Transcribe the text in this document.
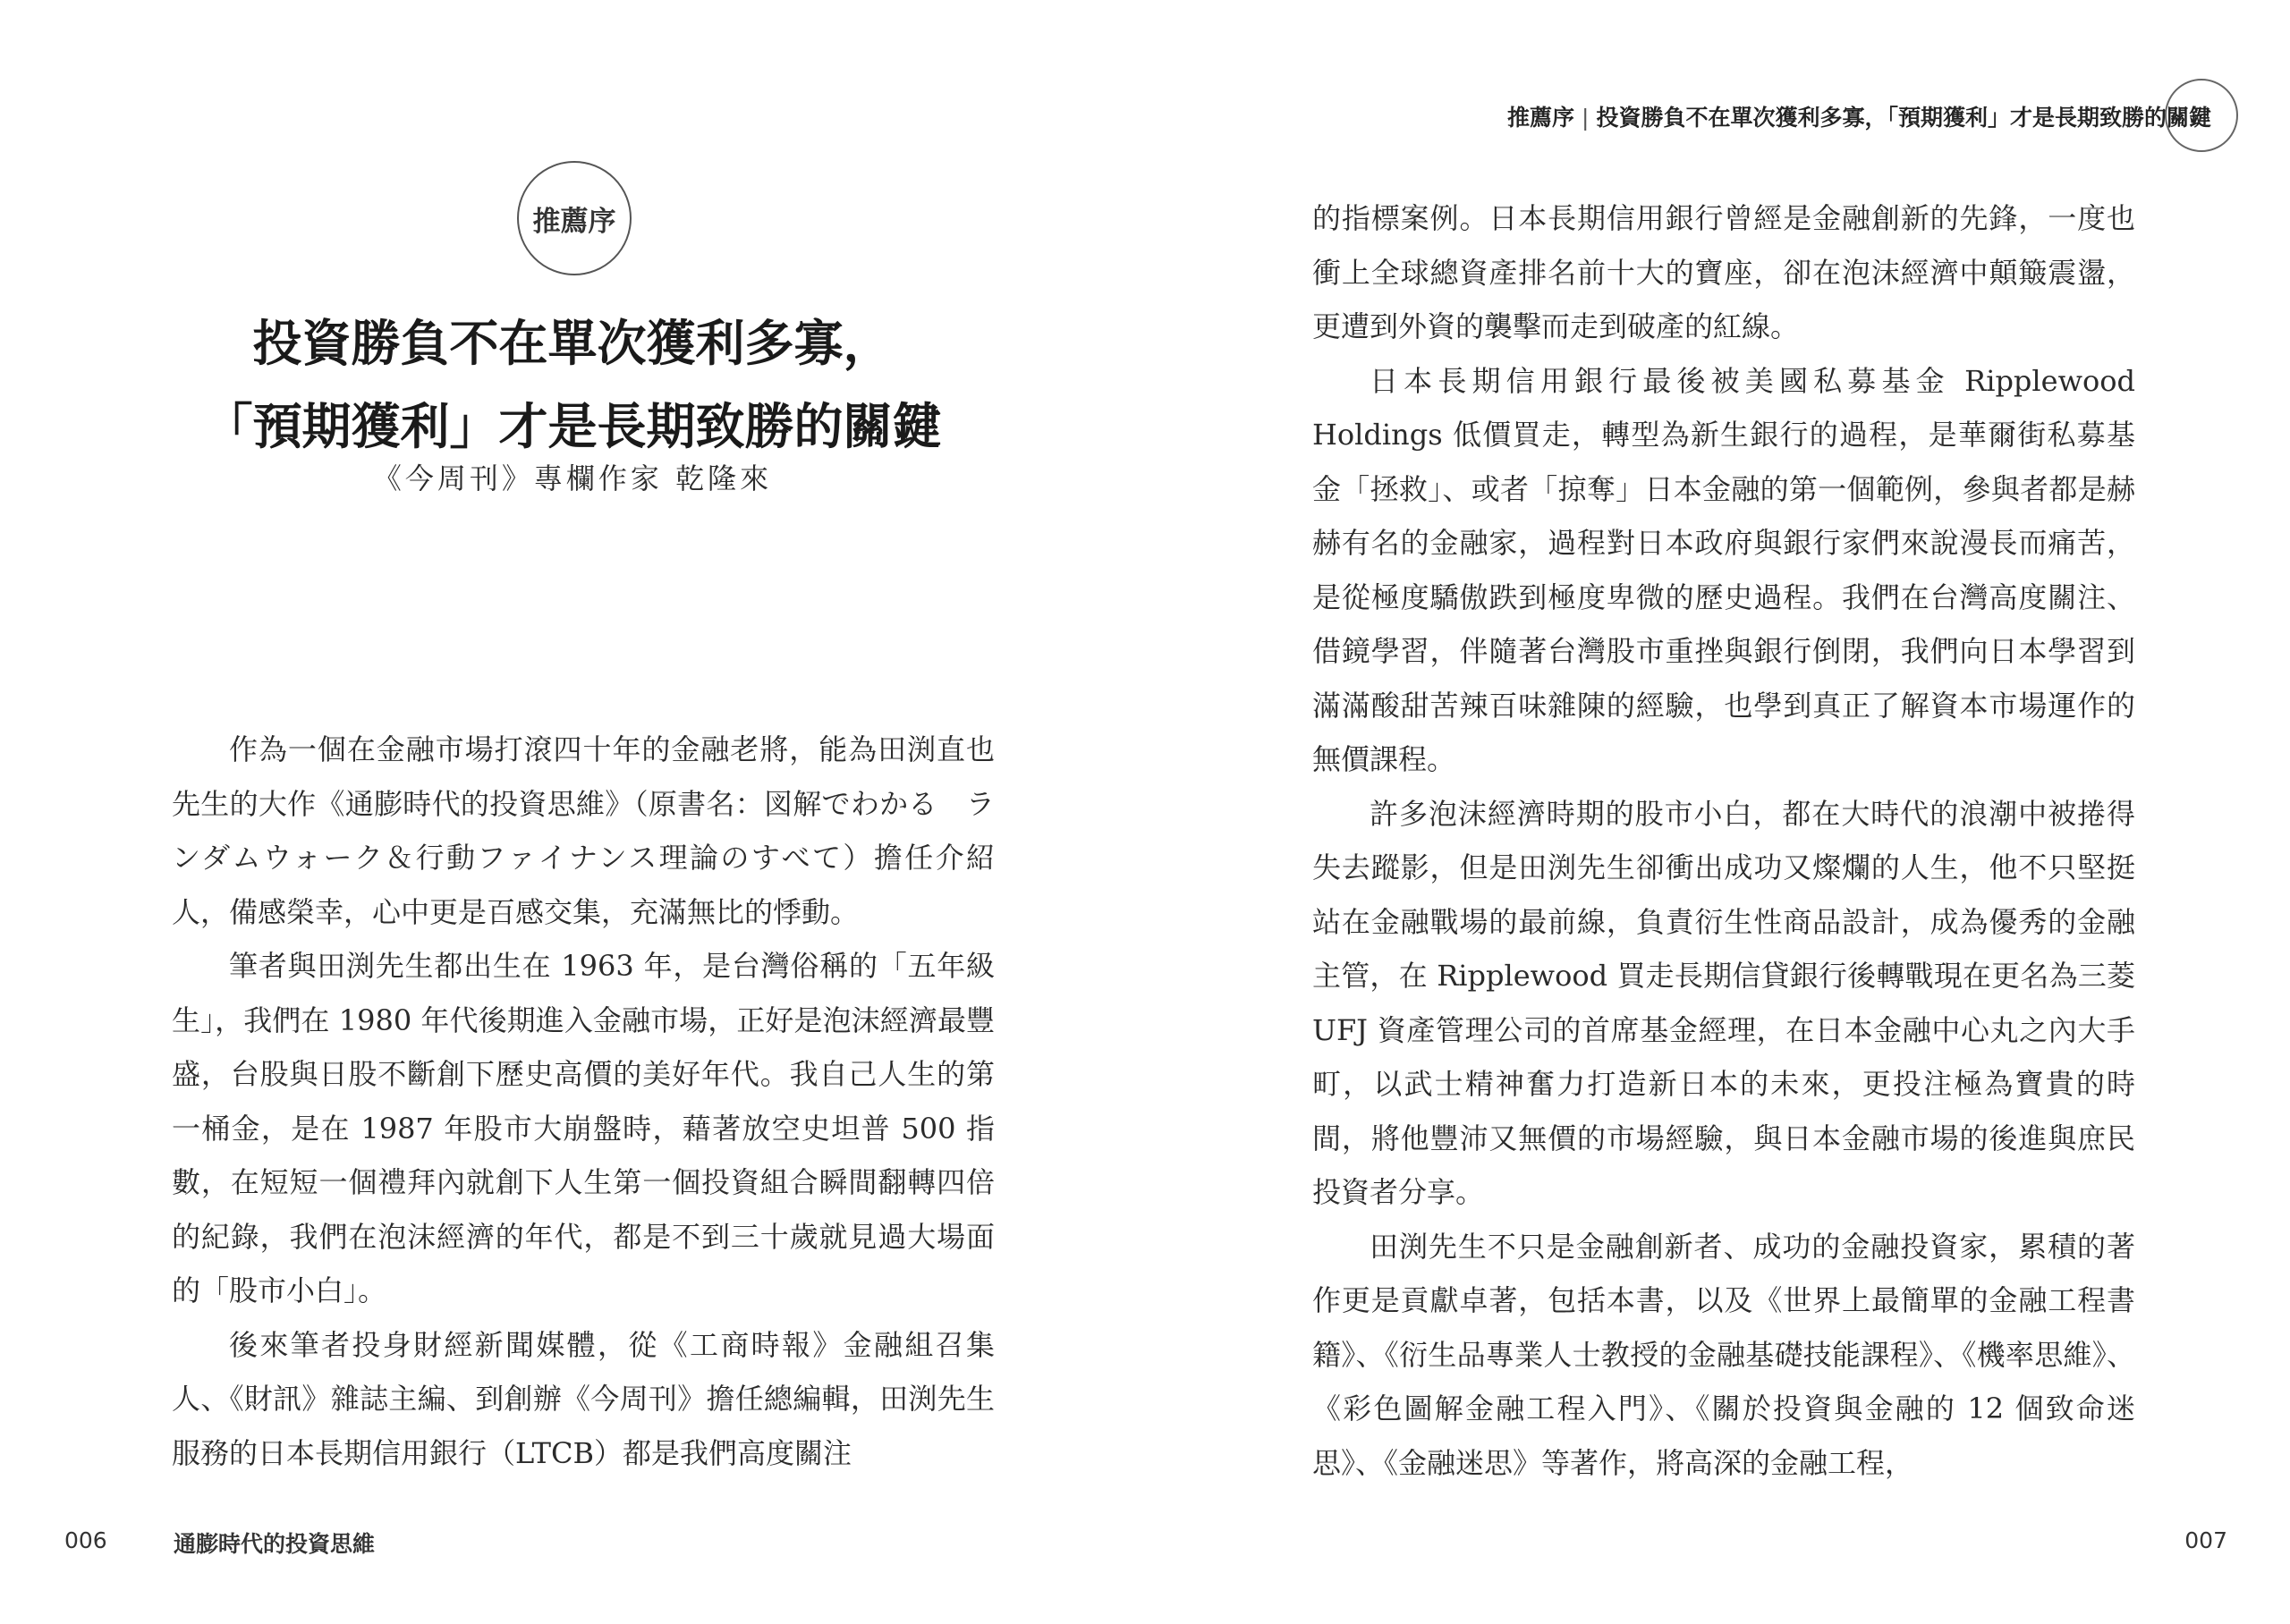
推薦序
投資勝負不在單次獲利多寡，
「預期獲利」才是長期致勝的關鍵
《今周刊》專欄作家 乾隆來

作為一個在金融市場打滾四十年的金融老將，能為田渕直也先生的大作《通膨時代的投資思維》（原書名：図解でわかる　ランダムウォーク＆行動ファイナンス理論のすべて）擔任介紹人，備感榮幸，心中更是百感交集，充滿無比的悸動。

筆者與田渕先生都出生在 1963 年，是台灣俗稱的「五年級生」，我們在 1980 年代後期進入金融市場，正好是泡沫經濟最豐盛，台股與日股不斷創下歷史高價的美好年代。我自己人生的第一桶金，是在 1987 年股市大崩盤時，藉著放空史坦普 500 指數，在短短一個禮拜內就創下人生第一個投資組合瞬間翻轉四倍的紀錄，我們在泡沫經濟的年代，都是不到三十歲就見過大場面的「股市小白」。

後來筆者投身財經新聞媒體，從《工商時報》金融組召集人、《財訊》雜誌主編、到創辦《今周刊》擔任總編輯，田渕先生服務的日本長期信用銀行（LTCB）都是我們高度關注

006	通膨時代的投資思維
推薦序 | 投資勝負不在單次獲利多寡，「預期獲利」才是長期致勝的關鍵

的指標案例。日本長期信用銀行曾經是金融創新的先鋒，一度也衝上全球總資產排名前十大的寶座，卻在泡沫經濟中顛簸震盪，更遭到外資的襲擊而走到破產的紅線。

日本長期信用銀行最後被美國私募基金 Ripplewood Holdings 低價買走，轉型為新生銀行的過程，是華爾街私募基金「拯救」、或者「掠奪」日本金融的第一個範例，參與者都是赫赫有名的金融家，過程對日本政府與銀行家們來說漫長而痛苦，是從極度驕傲跌到極度卑微的歷史過程。我們在台灣高度關注、借鏡學習，伴隨著台灣股市重挫與銀行倒閉，我們向日本學習到滿滿酸甜苦辣百味雜陳的經驗，也學到真正了解資本市場運作的無價課程。

許多泡沫經濟時期的股市小白，都在大時代的浪潮中被捲得失去蹤影，但是田渕先生卻衝出成功又燦爛的人生，他不只堅挺站在金融戰場的最前線，負責衍生性商品設計，成為優秀的金融主管，在 Ripplewood 買走長期信貸銀行後轉戰現在更名為三菱 UFJ 資產管理公司的首席基金經理，在日本金融中心丸之內大手町，以武士精神奮力打造新日本的未來，更投注極為寶貴的時間，將他豐沛又無價的市場經驗，與日本金融市場的後進與庶民投資者分享。

田渕先生不只是金融創新者、成功的金融投資家，累積的著作更是貢獻卓著，包括本書，以及《世界上最簡單的金融工程書籍》、《衍生品專業人士教授的金融基礎技能課程》、《機率思維》、《彩色圖解金融工程入門》、《關於投資與金融的 12 個致命迷思》、《金融迷思》等著作，將高深的金融工程，

007
